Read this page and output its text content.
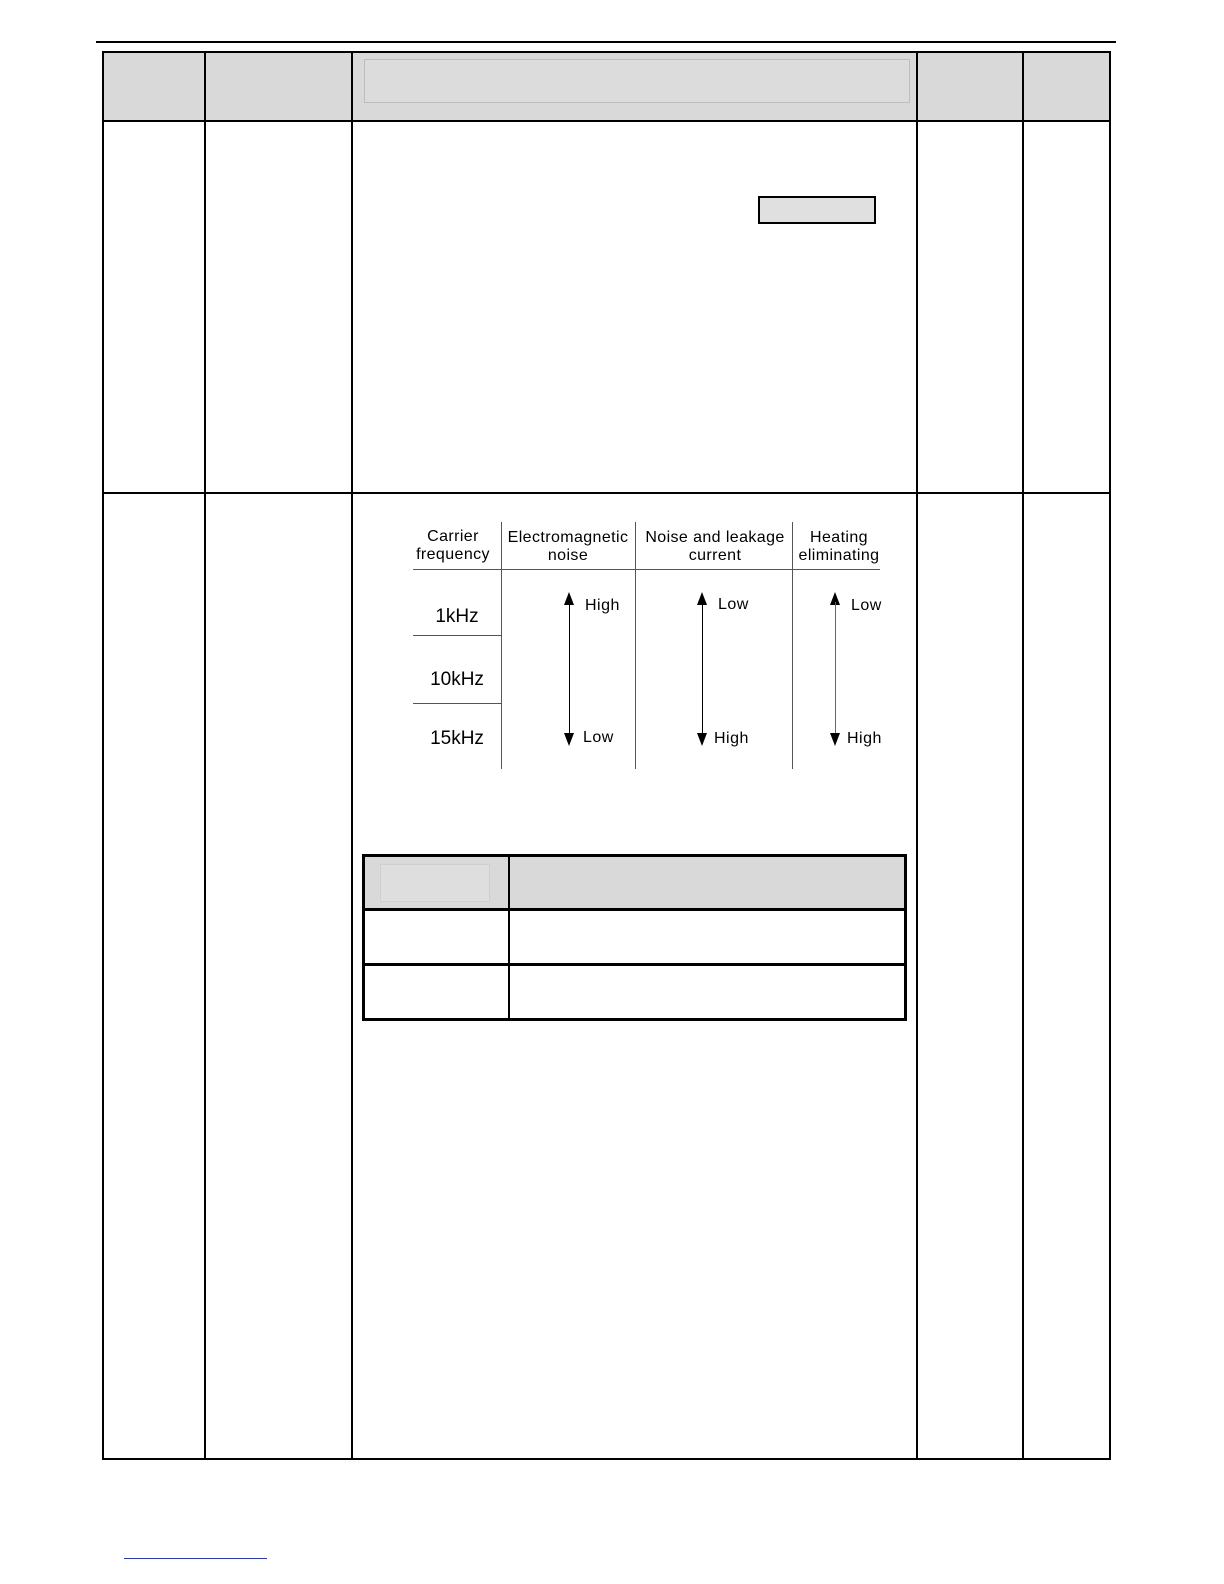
Carrier
frequency
Electromagnetic
noise
Noise and leakage
current
Heating
eliminating
1kHz
10kHz
15kHz
High
Low
Low
High
Low
High
